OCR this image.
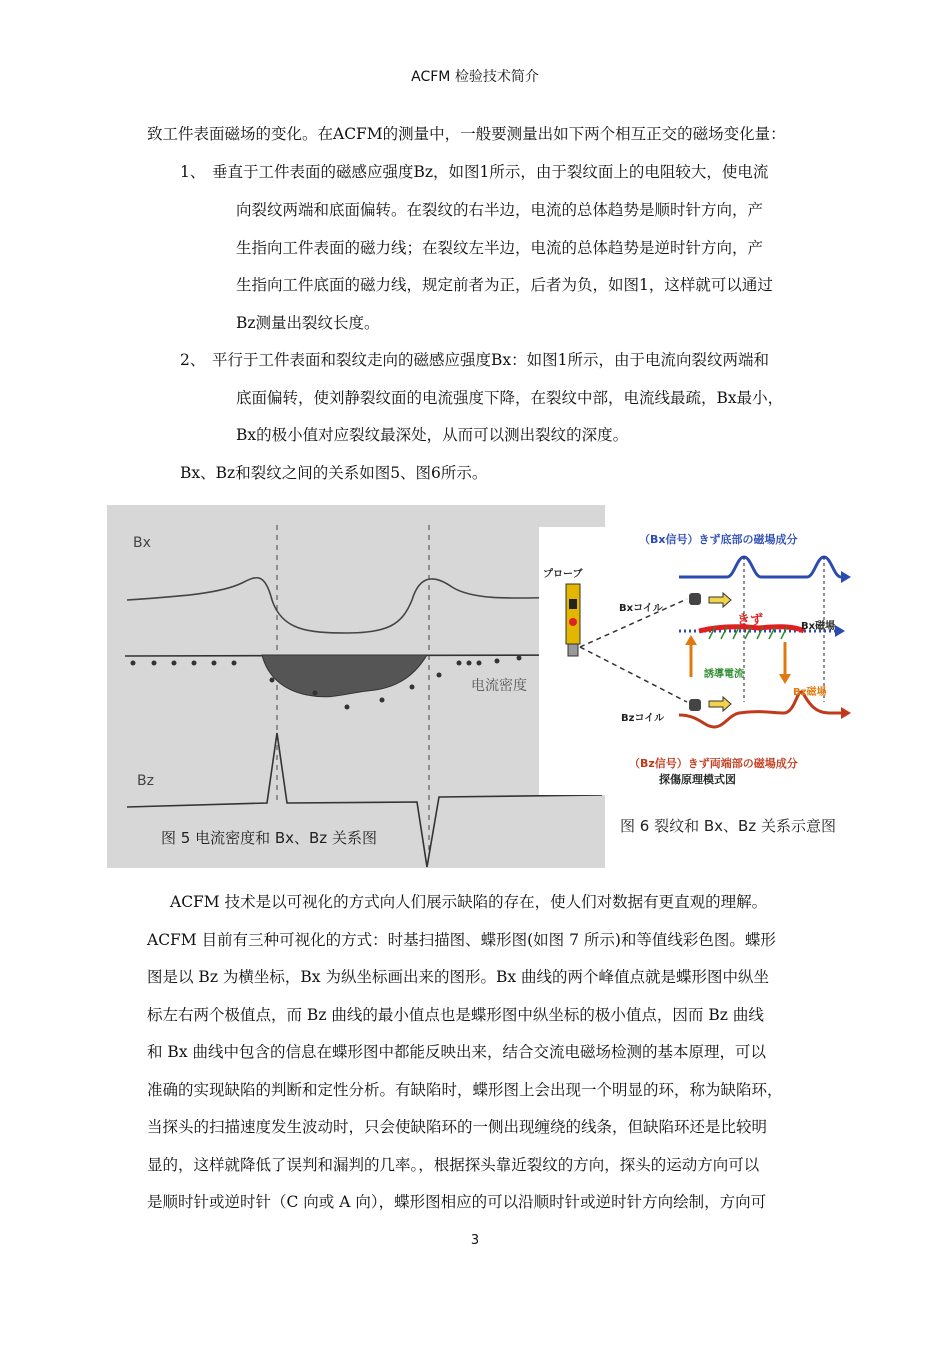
ACFM 检验技术简介
致工件表面磁场的变化。在ACFM的测量中，一般要测量出如下两个相互正交的磁场变化量：
1、 垂直于工件表面的磁感应强度Bz，如图1所示，由于裂纹面上的电阻较大，使电流
向裂纹两端和底面偏转。在裂纹的右半边，电流的总体趋势是顺时针方向，产
生指向工件表面的磁力线；在裂纹左半边，电流的总体趋势是逆时针方向，产
生指向工件底面的磁力线，规定前者为正，后者为负，如图1，这样就可以通过
Bz测量出裂纹长度。
2、 平行于工件表面和裂纹走向的磁感应强度Bx：如图1所示，由于电流向裂纹两端和
底面偏转，使刘静裂纹面的电流强度下降，在裂纹中部，电流线最疏，Bx最小，
Bx的极小值对应裂纹最深处，从而可以测出裂纹的深度。
Bx、Bz和裂纹之间的关系如图5、图6所示。
Bx
Bz
电流密度
图 5 电流密度和 Bx、Bz 关系图
（Bx信号）きず底部の磁場成分
プローブ
Bxコイル
きず	Bx磁場
誘導電流
Bz磁場
Bzコイル
（Bz信号）きず両端部の磁場成分
探傷原理模式図
图 6 裂纹和 Bx、Bz 关系示意图
ACFM 技术是以可视化的方式向人们展示缺陷的存在，使人们对数据有更直观的理解。
ACFM 目前有三种可视化的方式：时基扫描图、蝶形图(如图 7 所示)和等值线彩色图。蝶形
图是以 Bz 为横坐标，Bx 为纵坐标画出来的图形。Bx 曲线的两个峰值点就是蝶形图中纵坐
标左右两个极值点，而 Bz 曲线的最小值点也是蝶形图中纵坐标的极小值点，因而 Bz 曲线
和 Bx 曲线中包含的信息在蝶形图中都能反映出来，结合交流电磁场检测的基本原理，可以
准确的实现缺陷的判断和定性分析。有缺陷时，蝶形图上会出现一个明显的环，称为缺陷环，
当探头的扫描速度发生波动时，只会使缺陷环的一侧出现缠绕的线条，但缺陷环还是比较明
显的，这样就降低了误判和漏判的几率。，根据探头靠近裂纹的方向，探头的运动方向可以
是顺时针或逆时针（C 向或 A 向），蝶形图相应的可以沿顺时针或逆时针方向绘制，方向可
3
